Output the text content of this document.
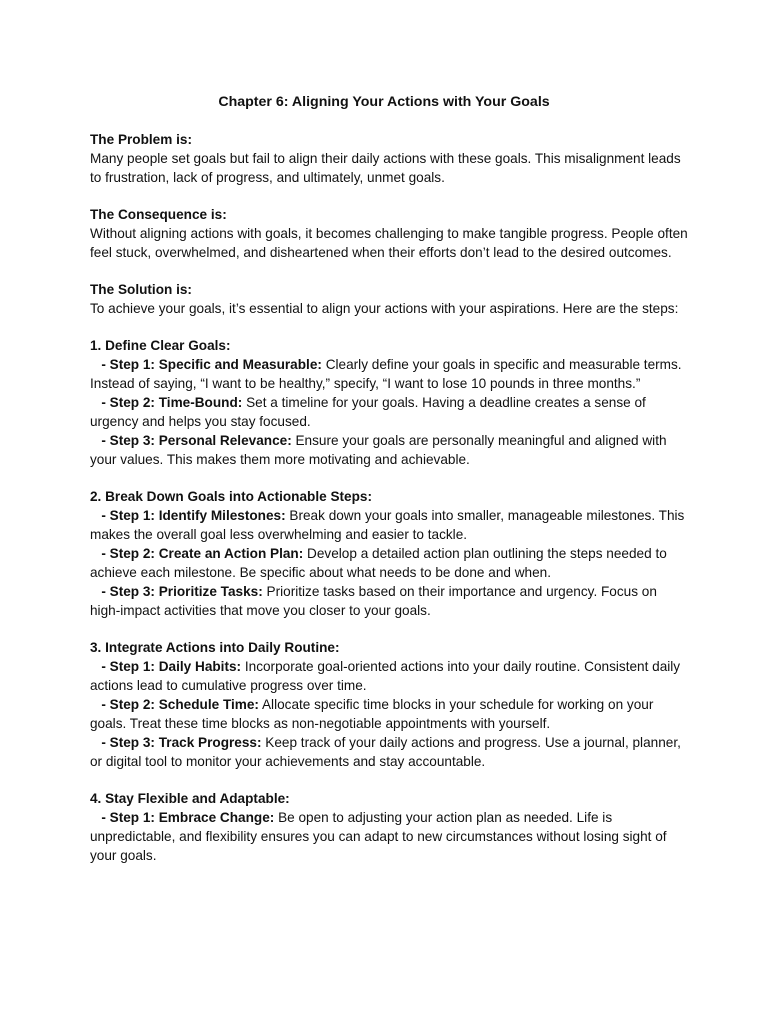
Chapter 6: Aligning Your Actions with Your Goals

The Problem is:

Many people set goals but fail to align their daily actions with these goals. This misalignment leads to frustration, lack of progress, and ultimately, unmet goals.

The Consequence is:

Without aligning actions with goals, it becomes challenging to make tangible progress. People often feel stuck, overwhelmed, and disheartened when their efforts don’t lead to the desired outcomes.

The Solution is:

To achieve your goals, it’s essential to align your actions with your aspirations. Here are the steps:

1. Define Clear Goals:

- Step 1: Specific and Measurable: Clearly define your goals in specific and measurable terms. Instead of saying, “I want to be healthy,” specify, “I want to lose 10 pounds in three months.”

- Step 2: Time-Bound: Set a timeline for your goals. Having a deadline creates a sense of urgency and helps you stay focused.

- Step 3: Personal Relevance: Ensure your goals are personally meaningful and aligned with your values. This makes them more motivating and achievable.

2. Break Down Goals into Actionable Steps:

- Step 1: Identify Milestones: Break down your goals into smaller, manageable milestones. This makes the overall goal less overwhelming and easier to tackle.

- Step 2: Create an Action Plan: Develop a detailed action plan outlining the steps needed to achieve each milestone. Be specific about what needs to be done and when.

- Step 3: Prioritize Tasks: Prioritize tasks based on their importance and urgency. Focus on high-impact activities that move you closer to your goals.

3. Integrate Actions into Daily Routine:

- Step 1: Daily Habits: Incorporate goal-oriented actions into your daily routine. Consistent daily actions lead to cumulative progress over time.

- Step 2: Schedule Time: Allocate specific time blocks in your schedule for working on your goals. Treat these time blocks as non-negotiable appointments with yourself.

- Step 3: Track Progress: Keep track of your daily actions and progress. Use a journal, planner, or digital tool to monitor your achievements and stay accountable.

4. Stay Flexible and Adaptable:

- Step 1: Embrace Change: Be open to adjusting your action plan as needed. Life is unpredictable, and flexibility ensures you can adapt to new circumstances without losing sight of your goals.
